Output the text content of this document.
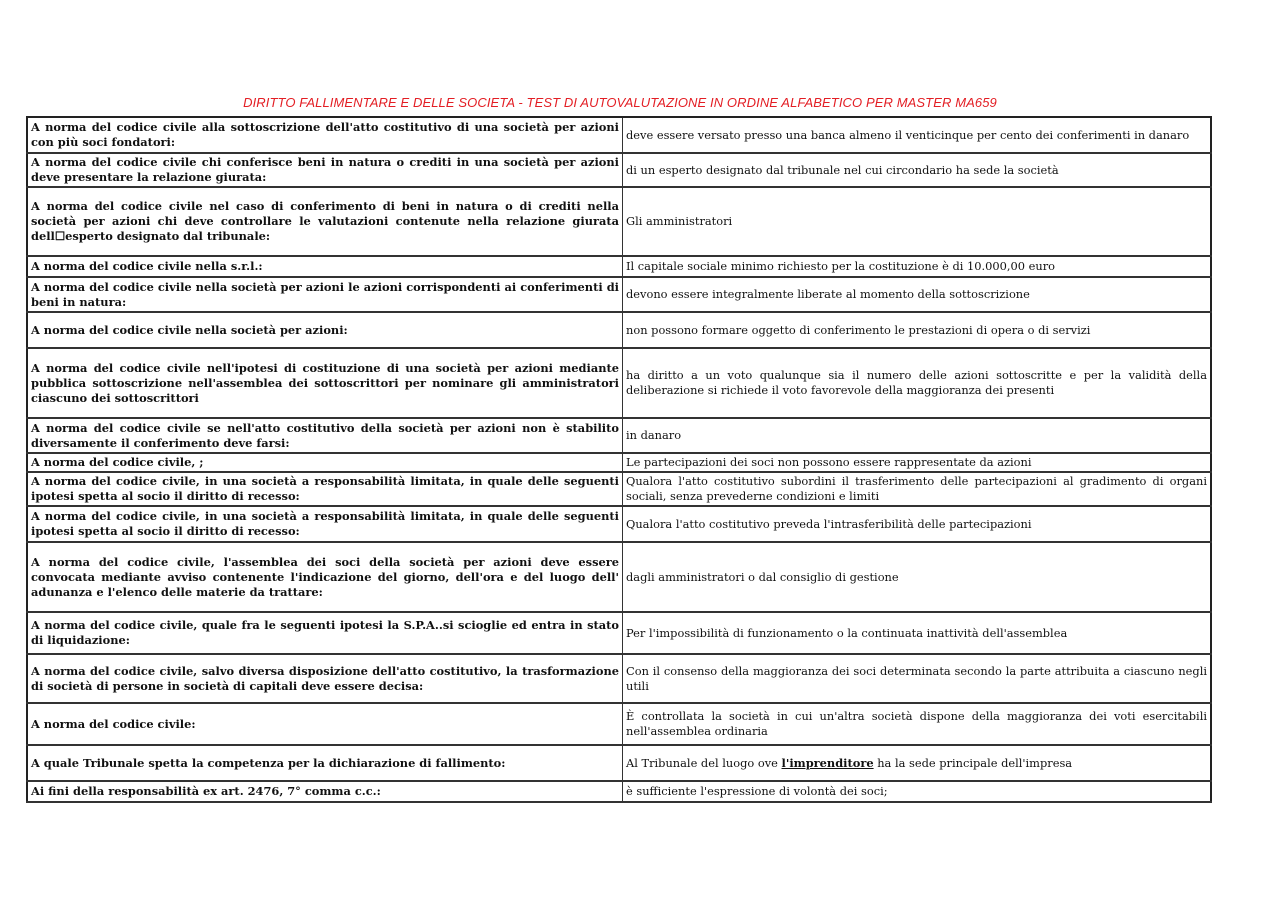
DIRITTO FALLIMENTARE E DELLE SOCIETA - TEST DI AUTOVALUTAZIONE IN ORDINE ALFABETICO PER MASTER MA659
A norma del codice civile alla sottoscrizione dell'atto costitutivo di una società per azioni con più soci fondatori:	deve essere versato presso una banca almeno il venticinque per cento dei conferimenti in danaro
A norma del codice civile chi conferisce beni in natura o crediti in una società per azioni deve presentare la relazione giurata:	di un esperto designato dal tribunale nel cui circondario ha sede la società
A norma del codice civile nel caso di conferimento di beni in natura o di crediti nella società per azioni chi deve controllare le valutazioni contenute nella relazione giurata dell☐esperto designato dal tribunale:	Gli amministratori
A norma del codice civile nella s.r.l.:	Il capitale sociale minimo richiesto per la costituzione è di 10.000,00 euro
A norma del codice civile nella società per azioni le azioni corrispondenti ai conferimenti di beni in natura:	devono essere integralmente liberate al momento della sottoscrizione
A norma del codice civile nella società per azioni:	non possono formare oggetto di conferimento le prestazioni di opera o di servizi
A norma del codice civile nell'ipotesi di costituzione di una società per azioni mediante pubblica sottoscrizione nell'assemblea dei sottoscrittori per nominare gli amministratori ciascuno dei sottoscrittori	ha diritto a un voto qualunque sia il numero delle azioni sottoscritte e per la validità della deliberazione si richiede il voto favorevole della maggioranza dei presenti
A norma del codice civile se nell'atto costitutivo della società per azioni non è stabilito diversamente il conferimento deve farsi:	in danaro
A norma del codice civile, ;	Le partecipazioni dei soci non possono essere rappresentate da azioni
A norma del codice civile, in una società a responsabilità limitata, in quale delle seguenti ipotesi spetta al socio il diritto di recesso:	Qualora l'atto costitutivo subordini il trasferimento delle partecipazioni al gradimento di organi sociali, senza prevederne condizioni e limiti
A norma del codice civile, in una società a responsabilità limitata, in quale delle seguenti ipotesi spetta al socio il diritto di recesso:	Qualora l'atto costitutivo preveda l'intrasferibilità delle partecipazioni
A norma del codice civile, l'assemblea dei soci della società per azioni deve essere convocata mediante avviso contenente l'indicazione del giorno, dell'ora e del luogo dell' adunanza e l'elenco delle materie da trattare:	dagli amministratori o dal consiglio di gestione
A norma del codice civile, quale fra le seguenti ipotesi la S.P.A..si scioglie ed entra in stato di liquidazione:	Per l'impossibilità di funzionamento o la continuata inattività dell'assemblea
A norma del codice civile, salvo diversa disposizione dell'atto costitutivo, la trasformazione di società di persone in società di capitali deve essere decisa:	Con il consenso della maggioranza dei soci determinata secondo la parte attribuita a ciascuno negli utili
A norma del codice civile:	È controllata la società in cui un'altra società dispone della maggioranza dei voti esercitabili nell'assemblea ordinaria
A quale Tribunale spetta la competenza per la dichiarazione di fallimento:	Al Tribunale del luogo ove l'imprenditore ha la sede principale dell'impresa
Ai fini della responsabilità ex art. 2476, 7° comma c.c.:	è sufficiente l'espressione di volontà dei soci;
